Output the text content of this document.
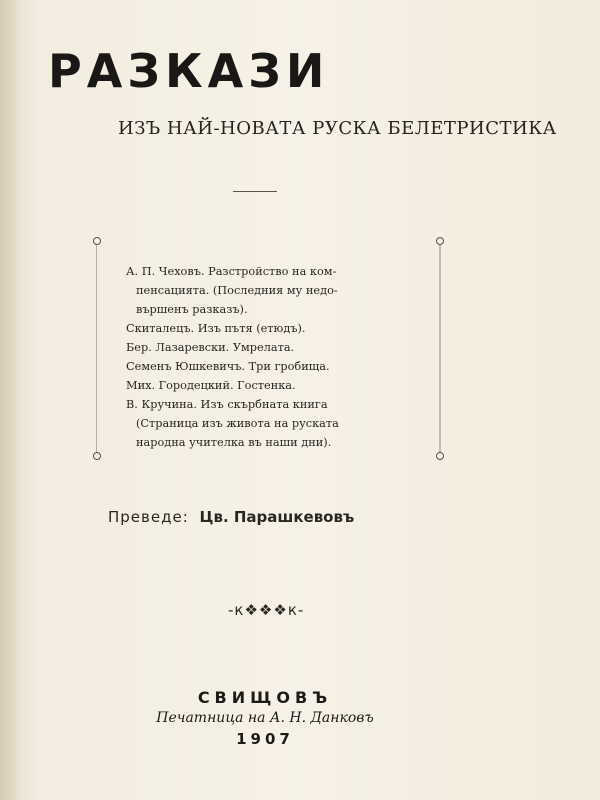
РАЗКАЗИ
ИЗЪ НАЙ-НОВАТА РУСКА БЕЛЕТРИСТИКА
А. П. Чеховъ. Разстройство на ком-
пенсацията. (Последния му недо-
вършенъ разказъ).
Скиталецъ. Изъ пътя (етюдъ).
Бер. Лазаревски. Умрелата.
Семенъ Юшкевичъ. Три гробища.
Мих. Городецкий. Гостенка.
В. Кручина. Изъ скърбната книга
(Страница изъ живота на руската
народна учителка въ наши дни).
Преведе: Цв. Парашкевовъ
-к❖❖❖к-
СВИЩОВЪ
Печатница на А. Н. Данковъ
1907
